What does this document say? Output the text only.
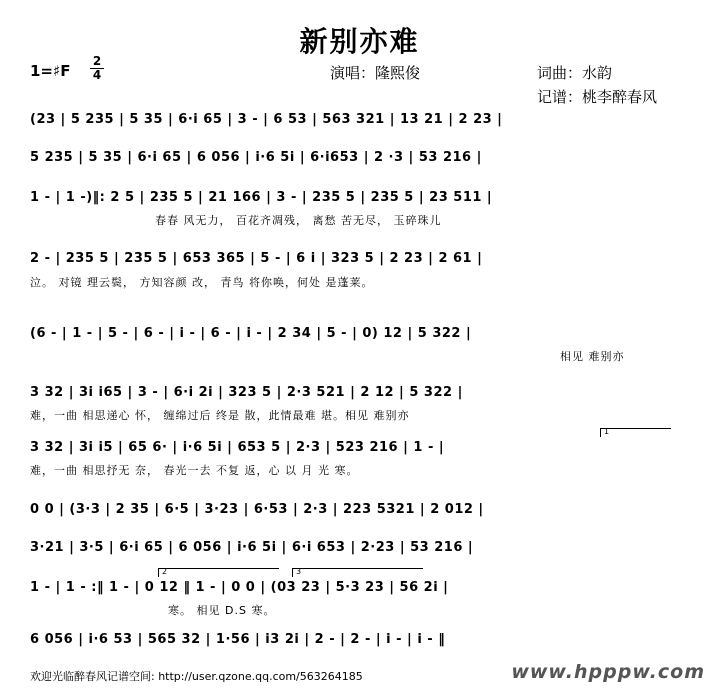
新别亦难
1=♯F
2
4	演唱：隆熙俊	词曲：水韵
记谱：桃李醉春风
(23 | 5 235 | 5 35 | 6·i 65 | 3 - | 6 53 | 563 321 | 13 21 | 2 23 |
5 235 | 5 35 | 6·i 65 | 6 056 | i·6 5i | 6·i653 | 2 ·3 | 53 216 |
1 - | 1 -)‖: 2 5 | 235 5 | 21 166 | 3 - | 235 5 | 235 5 | 23 511 |
春春 风无力， 百花齐凋残， 离愁 苦无尽， 玉碎珠儿
2 - | 235 5 | 235 5 | 653 365 | 5 - | 6 i | 323 5 | 2 23 | 2 61 |
泣。 对镜 理云鬓， 方知容颜 改， 青鸟 将你唤，何处 是蓬莱。
(6 - | 1 - | 5 - | 6 - | i - | 6 - | i - | 2 34 | 5 - | 0) 12 | 5 322 |
相见 难别亦
3 32 | 3i i65 | 3 - | 6·i 2i | 323 5 | 2·3 521 | 2 12 | 5 322 |
难，一曲 相思递心 怀， 缠绵过后 终是 散，此情最难 堪。相见 难别亦
3 32 | 3i i5 | 65 6· | i·6 5i | 653 5 | 2·3 | 523 216 | 1 - |
难，一曲 相思抒无 奈， 春光一去 不复 返，心 以 月 光 寒。
0 0 | (3·3 | 2 35 | 6·5 | 3·23 | 6·53 | 2·3 | 223 5321 | 2 012 |
3·21 | 3·5 | 6·i 65 | 6 056 | i·6 5i | 6·i 653 | 2·23 | 53 216 |
2	3
1 - | 1 - :‖ 1 - | 0 12 ‖ 1 - | 0 0 | (03 23 | 5·3 23 | 56 2i |
寒。 相见 D.S 寒。
6 056 | i·6 53 | 565 32 | 1·56 | i3 2i | 2 - | 2 - | i - | i - ‖
1
欢迎光临醉春风记谱空间: http://user.qzone.qq.com/563264185	www.hpppw.com
